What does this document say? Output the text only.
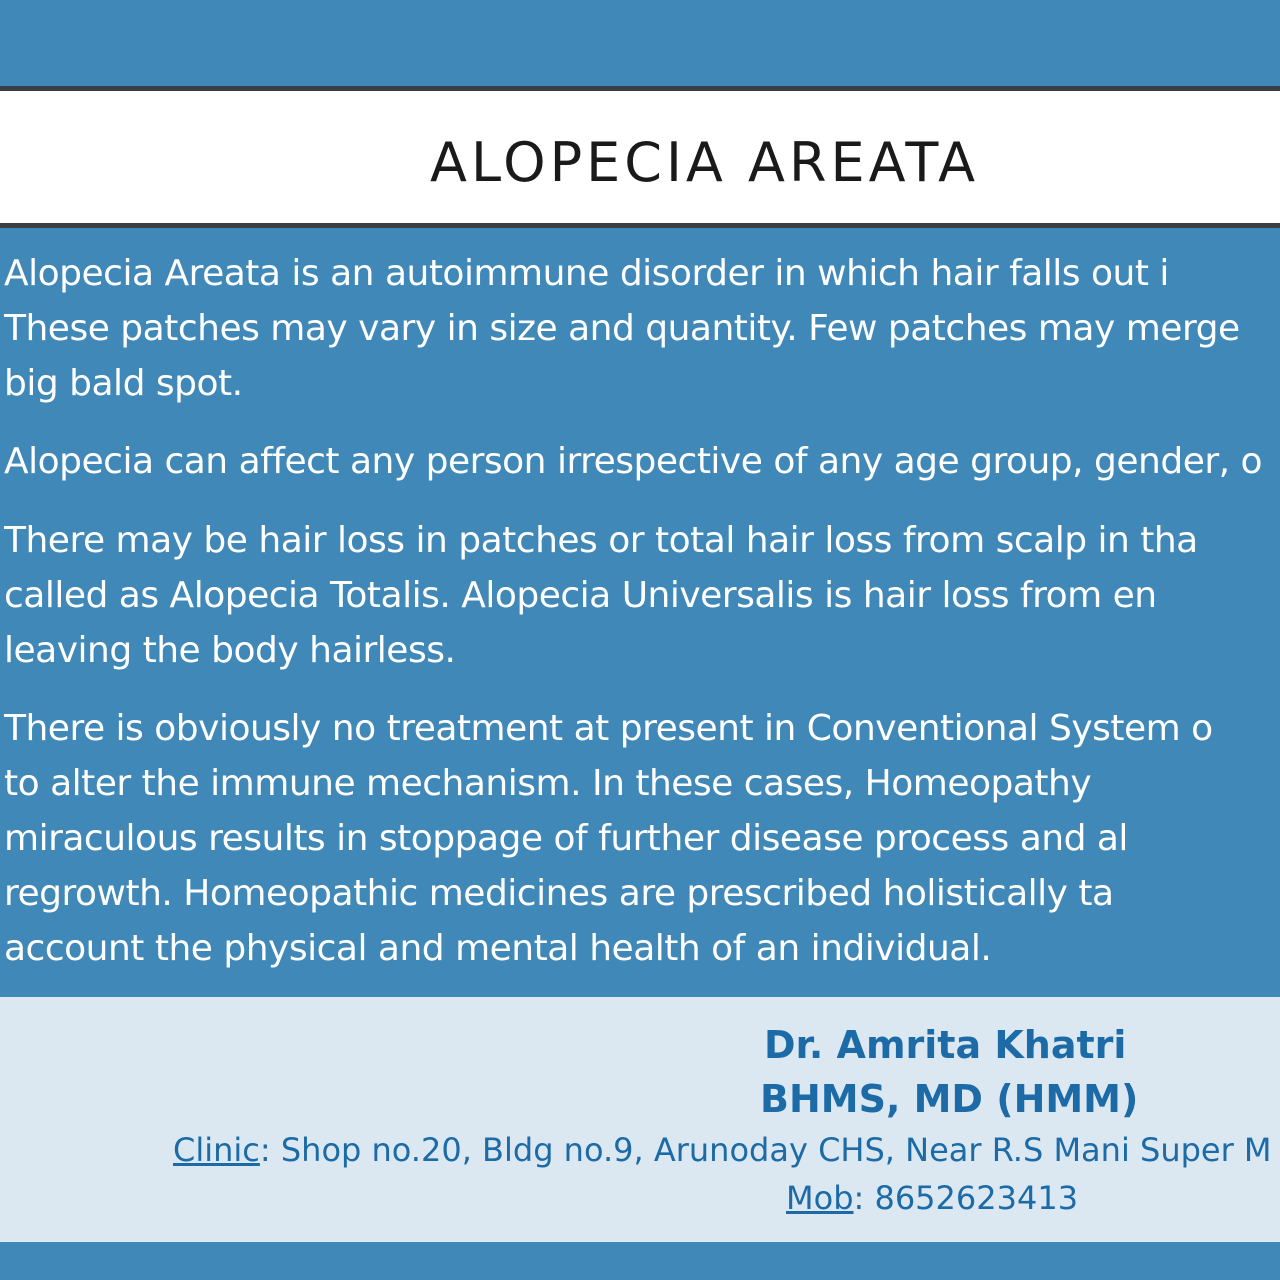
ALOPECIA AREATA
Alopecia Areata is an autoimmune disorder in which hair falls out i
These patches may vary in size and quantity. Few patches may merge
big bald spot.
Alopecia can affect any person irrespective of any age group, gender, o
There may be hair loss in patches or total hair loss from scalp in tha
called as Alopecia Totalis. Alopecia Universalis is hair loss from en
leaving the body hairless.
There is obviously no treatment at present in Conventional System o
to alter the immune mechanism. In these cases, Homeopathy
miraculous results in stoppage of further disease process and al
regrowth. Homeopathic medicines are prescribed holistically ta
account the physical and mental health of an individual.

Dr. Amrita Khatri

BHMS, MD (HMM)

Clinic: Shop no.20, Bldg no.9, Arunoday CHS, Near R.S Mani Super M
Mob: 8652623413
